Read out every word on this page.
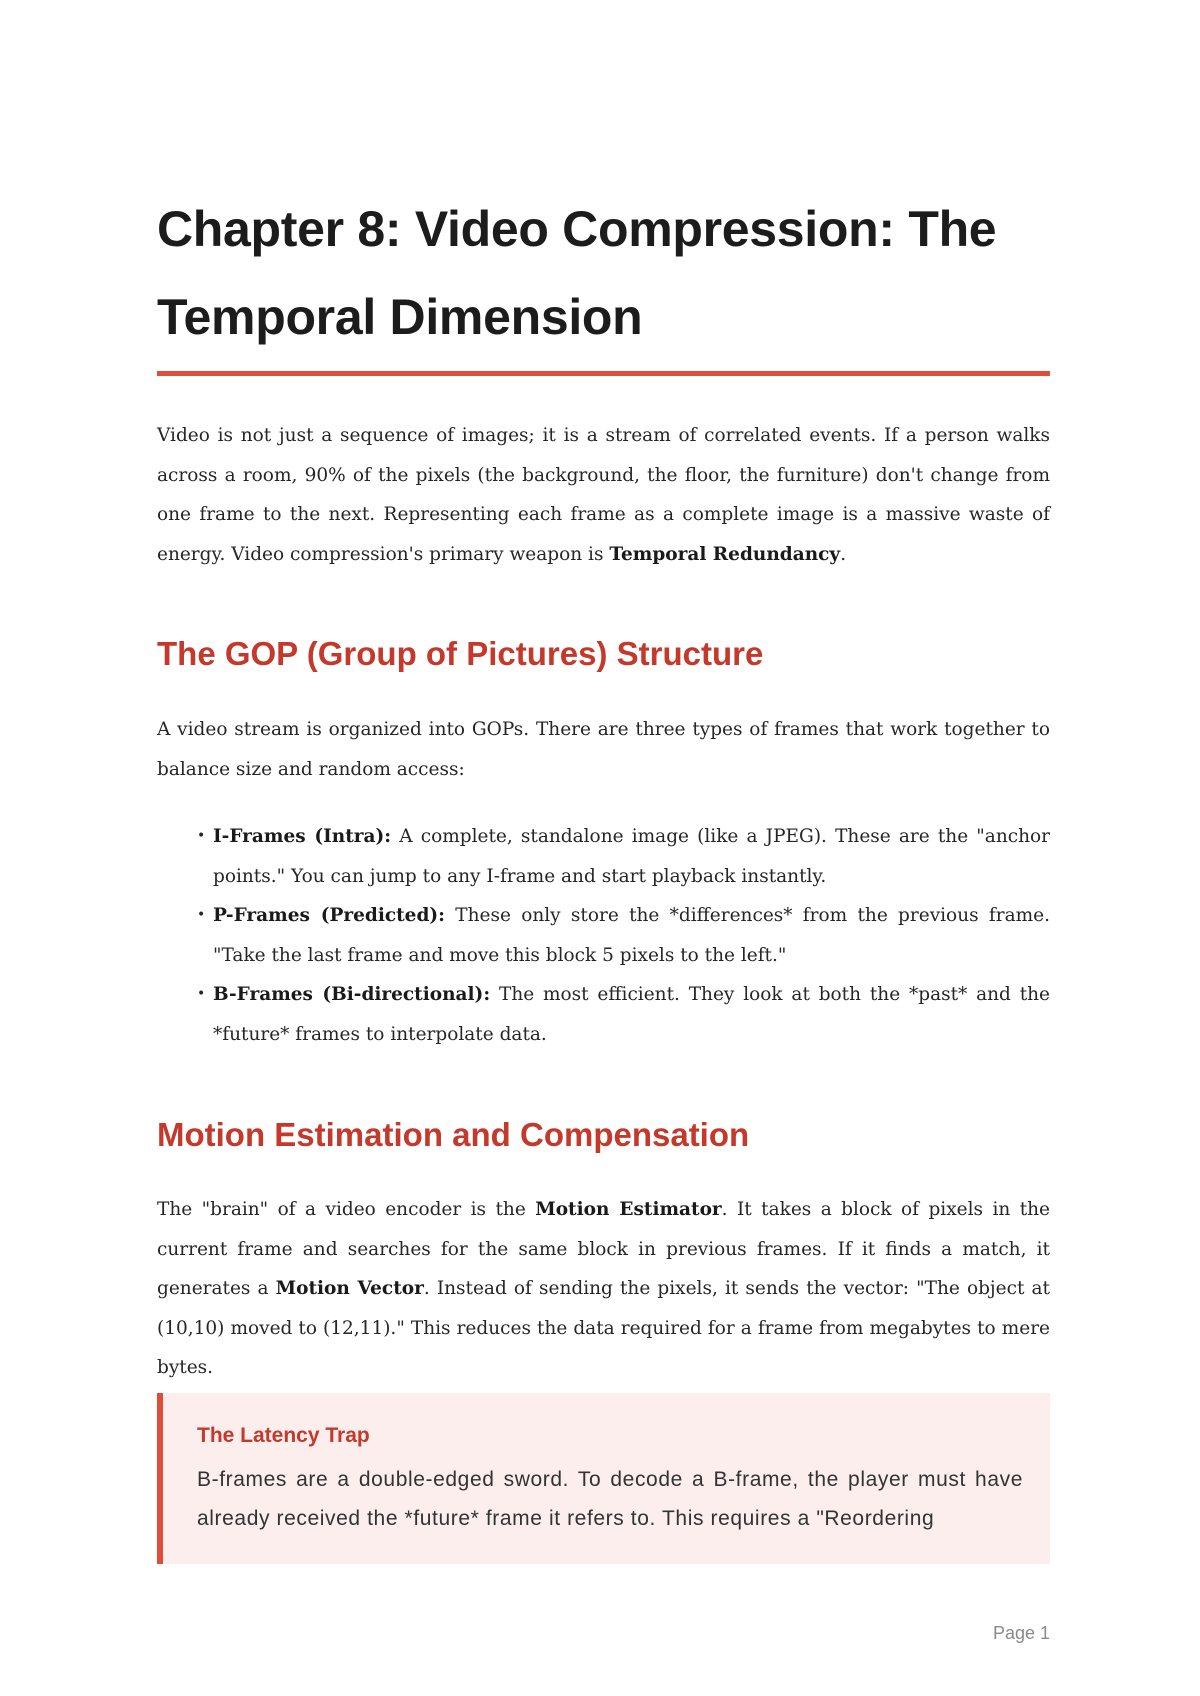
Chapter 8: Video Compression: The Temporal Dimension

Video is not just a sequence of images; it is a stream of correlated events. If a person walks across a room, 90% of the pixels (the background, the floor, the furniture) don't change from one frame to the next. Representing each frame as a complete image is a massive waste of energy. Video compression's primary weapon is Temporal Redundancy.

The GOP (Group of Pictures) Structure

A video stream is organized into GOPs. There are three types of frames that work together to balance size and random access:

• I-Frames (Intra): A complete, standalone image (like a JPEG). These are the "anchor points." You can jump to any I-frame and start playback instantly.
• P-Frames (Predicted): These only store the *differences* from the previous frame. "Take the last frame and move this block 5 pixels to the left."
• B-Frames (Bi-directional): The most efficient. They look at both the *past* and the *future* frames to interpolate data.
Motion Estimation and Compensation

The "brain" of a video encoder is the Motion Estimator. It takes a block of pixels in the current frame and searches for the same block in previous frames. If it finds a match, it generates a Motion Vector. Instead of sending the pixels, it sends the vector: "The object at (10,10) moved to (12,11)." This reduces the data required for a frame from megabytes to mere bytes.

The Latency Trap

B-frames are a double-edged sword. To decode a B-frame, the player must have already received the *future* frame it refers to. This requires a "Reordering

Page 1
